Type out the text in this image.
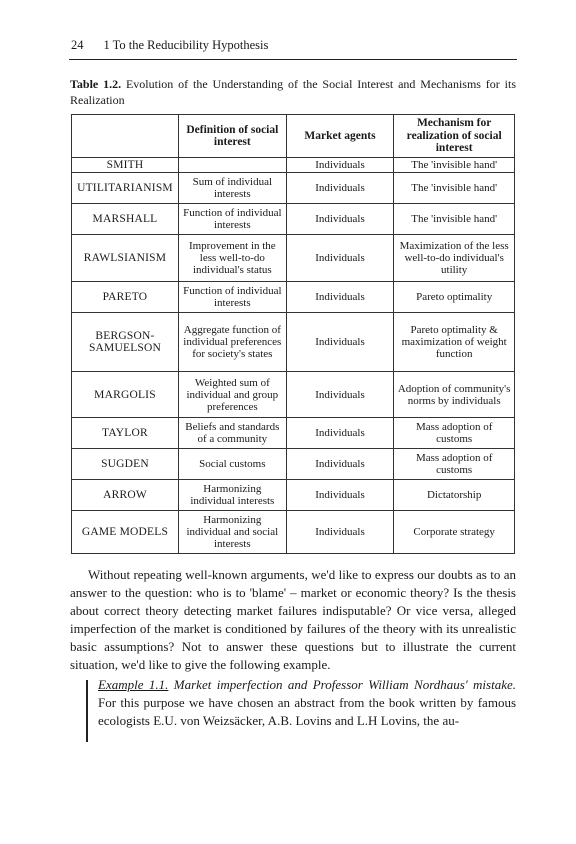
24 1 To the Reducibility Hypothesis
Table 1.2. Evolution of the Understanding of the Social Interest and Mechanisms for its Realization
	Definition of social interest	Market agents	Mechanism for realization of social interest
SMITH		Individuals	The 'invisible hand'
UTILITARIANISM	Sum of individual interests	Individuals	The 'invisible hand'
MARSHALL	Function of individual interests	Individuals	The 'invisible hand'
RAWLSIANISM	Improvement in the less well-to-do individual's status	Individuals	Maximization of the less well-to-do individual's utility
PARETO	Function of individual interests	Individuals	Pareto optimality
BERGSON-SAMUELSON	Aggregate function of individual preferences for society's states	Individuals	Pareto optimality & maximization of weight function
MARGOLIS	Weighted sum of individual and group preferences	Individuals	Adoption of community's norms by individuals
TAYLOR	Beliefs and standards of a community	Individuals	Mass adoption of customs
SUGDEN	Social customs	Individuals	Mass adoption of customs
ARROW	Harmonizing individual interests	Individuals	Dictatorship
GAME MODELS	Harmonizing individual and social interests	Individuals	Corporate strategy

Without repeating well-known arguments, we'd like to express our doubts as to an answer to the question: who is to 'blame' – market or economic theory? Is the thesis about correct theory detecting market failures indisputable? Or vice versa, alleged imperfection of the market is conditioned by failures of the theory with its unrealistic basic assumptions? Not to answer these questions but to illustrate the current situation, we'd like to give the following example.

Example 1.1. Market imperfection and Professor William Nordhaus' mistake. For this purpose we have chosen an abstract from the book written by famous ecologists E.U. von Weizsäcker, A.B. Lovins and L.H Lovins, the au-
